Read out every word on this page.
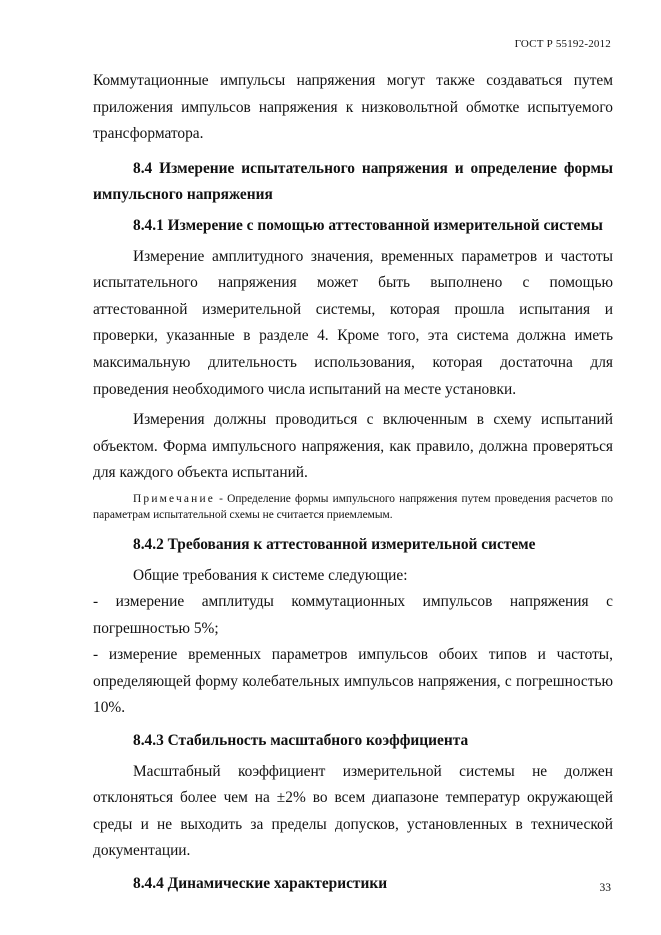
ГОСТ Р 55192-2012

Коммутационные импульсы напряжения могут также создаваться путем приложения импульсов напряжения к низковольтной обмотке испытуемого трансформатора.

8.4 Измерение испытательного напряжения и определение формы импульсного напряжения

8.4.1 Измерение с помощью аттестованной измерительной системы

Измерение амплитудного значения, временных параметров и частоты испытательного напряжения может быть выполнено с помощью аттестованной измерительной системы, которая прошла испытания и проверки, указанные в разделе 4. Кроме того, эта система должна иметь максимальную длительность использования, которая достаточна для проведения необходимого числа испытаний на месте установки.

Измерения должны проводиться с включенным в схему испытаний объектом. Форма импульсного напряжения, как правило, должна проверяться для каждого объекта испытаний.

Примечание - Определение формы импульсного напряжения путем проведения расчетов по параметрам испытательной схемы не считается приемлемым.

8.4.2 Требования к аттестованной измерительной системе

Общие требования к системе следующие:

- измерение амплитуды коммутационных импульсов напряжения с погрешностью 5%;

- измерение временных параметров импульсов обоих типов и частоты, определяющей форму колебательных импульсов напряжения, с погрешностью 10%.

8.4.3 Стабильность масштабного коэффициента

Масштабный коэффициент измерительной системы не должен отклоняться более чем на ±2% во всем диапазоне температур окружающей среды и не выходить за пределы допусков, установленных в технической документации.

8.4.4 Динамические характеристики	33
